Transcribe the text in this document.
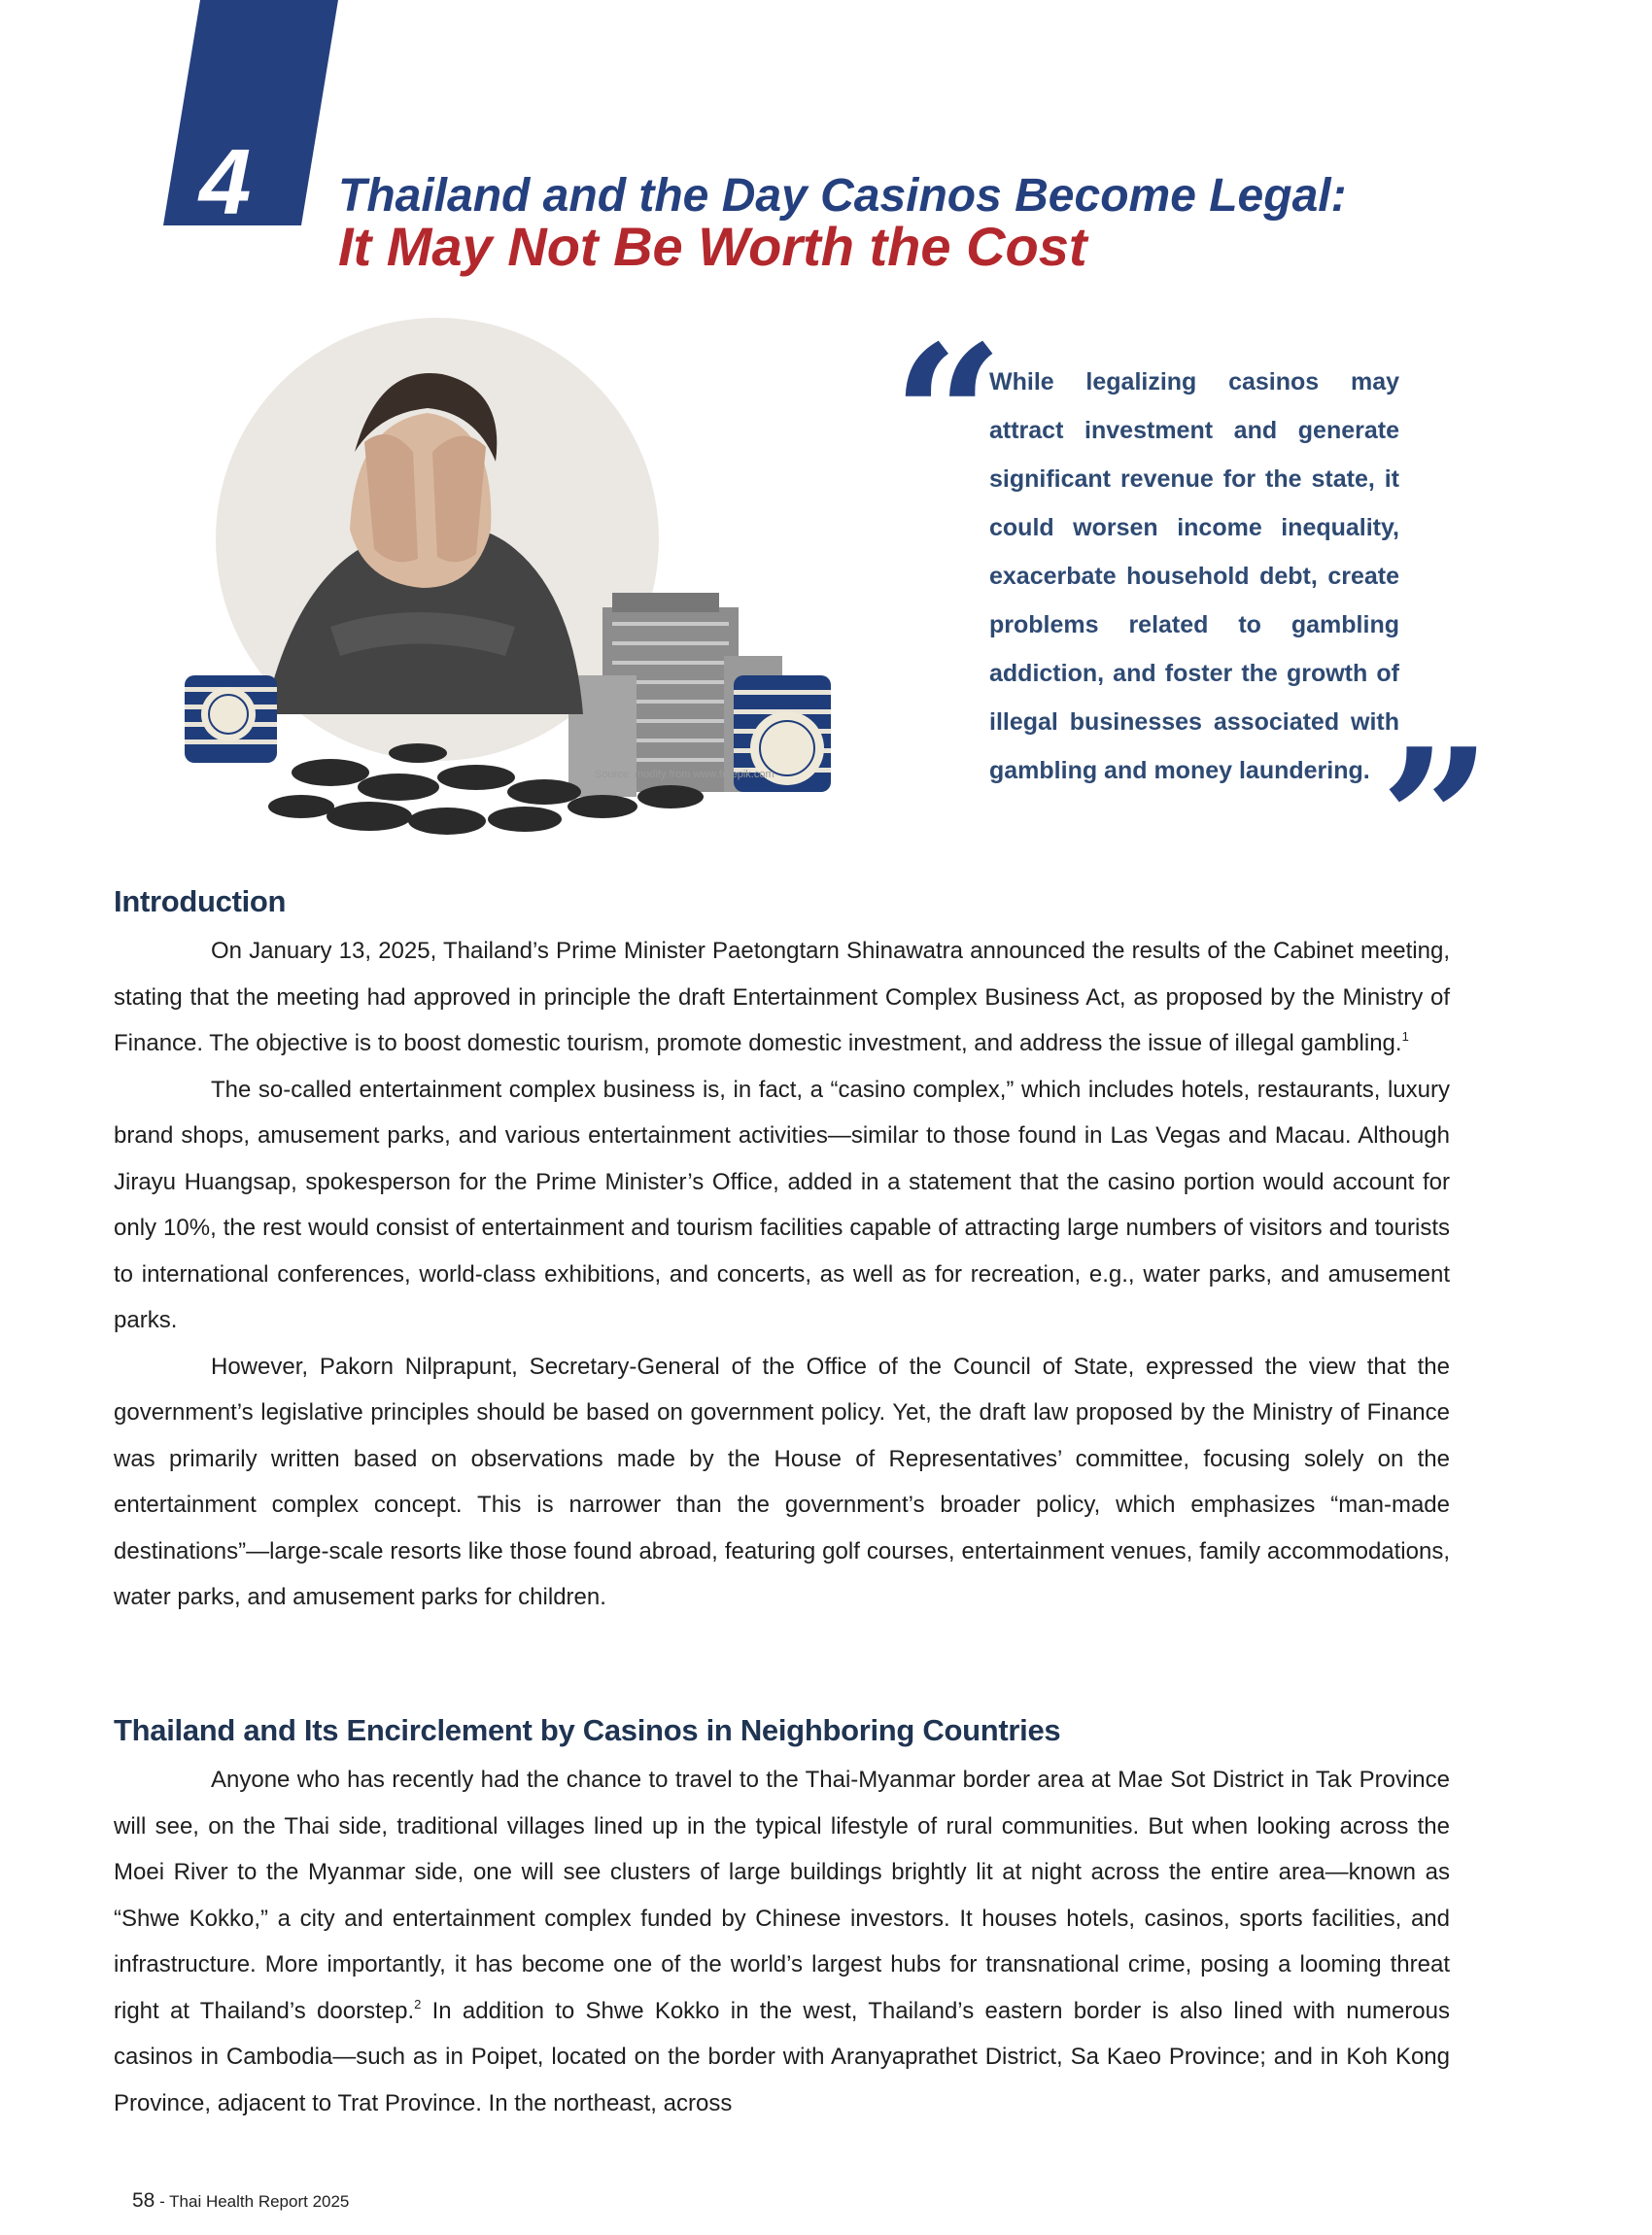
4 Thailand and the Day Casinos Become Legal:
It May Not Be Worth the Cost
Source: modify from www.freepik.com
“
While legalizing casinos may attract investment and generate significant revenue for the state, it could worsen income inequality, exacerbate household debt, create problems related to gambling addiction, and foster the growth of illegal businesses associated with gambling and money laundering. ”
Introduction

On January 13, 2025, Thailand’s Prime Minister Paetongtarn Shinawatra announced the results of the Cabinet meeting, stating that the meeting had approved in principle the draft Entertainment Complex Business Act, as proposed by the Ministry of Finance. The objective is to boost domestic tourism, promote domestic investment, and address the issue of illegal gambling.$^1$

The so-called entertainment complex business is, in fact, a “casino complex,” which includes hotels, restaurants, luxury brand shops, amusement parks, and various entertainment activities—similar to those found in Las Vegas and Macau. Although Jirayu Huangsap, spokesperson for the Prime Minister’s Office, added in a statement that the casino portion would account for only 10%, the rest would consist of entertainment and tourism facilities capable of attracting large numbers of visitors and tourists to international conferences, world-class exhibitions, and concerts, as well as for recreation, e.g., water parks, and amusement parks.

However, Pakorn Nilprapunt, Secretary-General of the Office of the Council of State, expressed the view that the government’s legislative principles should be based on government policy. Yet, the draft law proposed by the Ministry of Finance was primarily written based on observations made by the House of Representatives’ committee, focusing solely on the entertainment complex concept. This is narrower than the government’s broader policy, which emphasizes “man-made destinations”—large-scale resorts like those found abroad, featuring golf courses, entertainment venues, family accommodations, water parks, and amusement parks for children.

Thailand and Its Encirclement by Casinos in Neighboring Countries

Anyone who has recently had the chance to travel to the Thai-Myanmar border area at Mae Sot District in Tak Province will see, on the Thai side, traditional villages lined up in the typical lifestyle of rural communities. But when looking across the Moei River to the Myanmar side, one will see clusters of large buildings brightly lit at night across the entire area—known as “Shwe Kokko,” a city and entertainment complex funded by Chinese investors. It houses hotels, casinos, sports facilities, and infrastructure. More importantly, it has become one of the world’s largest hubs for transnational crime, posing a looming threat right at Thailand’s doorstep.$^2$ In addition to Shwe Kokko in the west, Thailand’s eastern border is also lined with numerous casinos in Cambodia—such as in Poipet, located on the border with Aranyaprathet District, Sa Kaeo Province; and in Koh Kong Province, adjacent to Trat Province. In the northeast, across

58 - Thai Health Report 2025
